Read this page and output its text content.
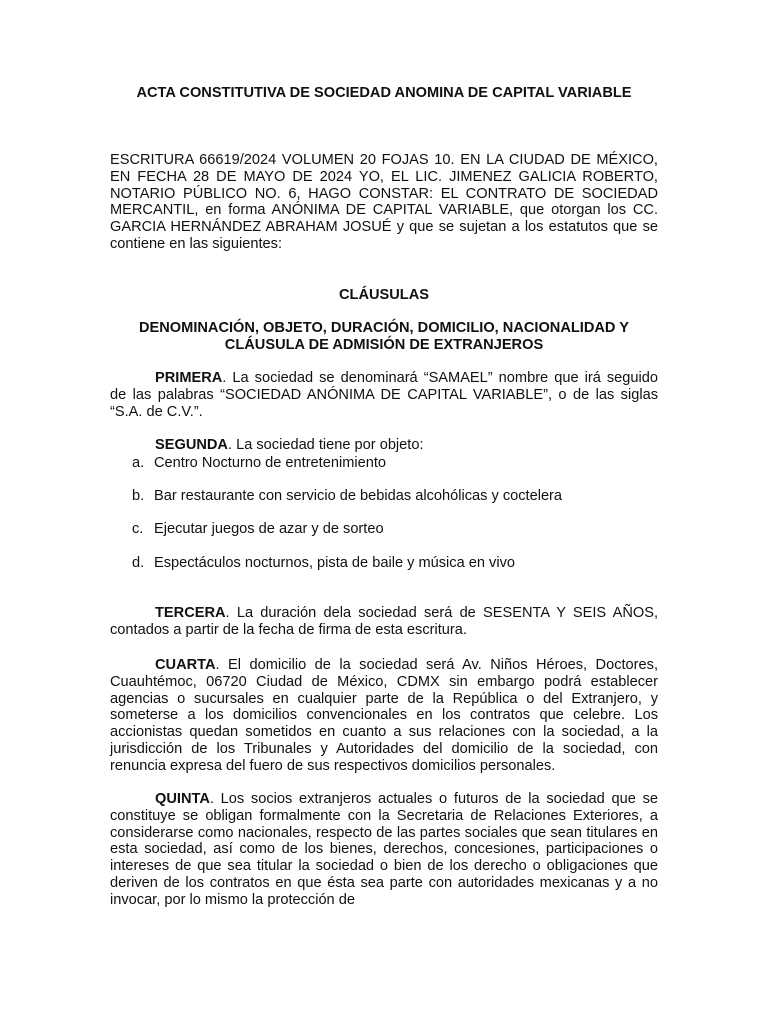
ACTA CONSTITUTIVA DE SOCIEDAD ANOMINA DE CAPITAL VARIABLE

ESCRITURA 66619/2024 VOLUMEN 20 FOJAS 10. EN LA CIUDAD DE MÉXICO, EN FECHA 28 DE MAYO DE 2024 YO, EL LIC. JIMENEZ GALICIA ROBERTO, NOTARIO PÚBLICO NO. 6, HAGO CONSTAR: EL CONTRATO DE SOCIEDAD MERCANTIL, en forma ANÓNIMA DE CAPITAL VARIABLE, que otorgan los CC. GARCIA HERNÁNDEZ ABRAHAM JOSUÉ y que se sujetan a los estatutos que se contiene en las siguientes:

CLÁUSULAS

DENOMINACIÓN, OBJETO, DURACIÓN, DOMICILIO, NACIONALIDAD Y CLÁUSULA DE ADMISIÓN DE EXTRANJEROS

PRIMERA. La sociedad se denominará “SAMAEL” nombre que irá seguido de las palabras “SOCIEDAD ANÓNIMA DE CAPITAL VARIABLE”, o de las siglas “S.A. de C.V.”.

SEGUNDA. La sociedad tiene por objeto:

a. Centro Nocturno de entretenimiento

b. Bar restaurante con servicio de bebidas alcohólicas y coctelera

c. Ejecutar juegos de azar y de sorteo

d. Espectáculos nocturnos, pista de baile y música en vivo

TERCERA. La duración dela sociedad será de SESENTA Y SEIS AÑOS, contados a partir de la fecha de firma de esta escritura.

CUARTA. El domicilio de la sociedad será Av. Niños Héroes, Doctores, Cuauhtémoc, 06720 Ciudad de México, CDMX sin embargo podrá establecer agencias o sucursales en cualquier parte de la República o del Extranjero, y someterse a los domicilios convencionales en los contratos que celebre. Los accionistas quedan sometidos en cuanto a sus relaciones con la sociedad, a la jurisdicción de los Tribunales y Autoridades del domicilio de la sociedad, con renuncia expresa del fuero de sus respectivos domicilios personales.

QUINTA. Los socios extranjeros actuales o futuros de la sociedad que se constituye se obligan formalmente con la Secretaria de Relaciones Exteriores, a considerarse como nacionales, respecto de las partes sociales que sean titulares en esta sociedad, así como de los bienes, derechos, concesiones, participaciones o intereses de que sea titular la sociedad o bien de los derecho o obligaciones que deriven de los contratos en que ésta sea parte con autoridades mexicanas y a no invocar, por lo mismo la protección de
